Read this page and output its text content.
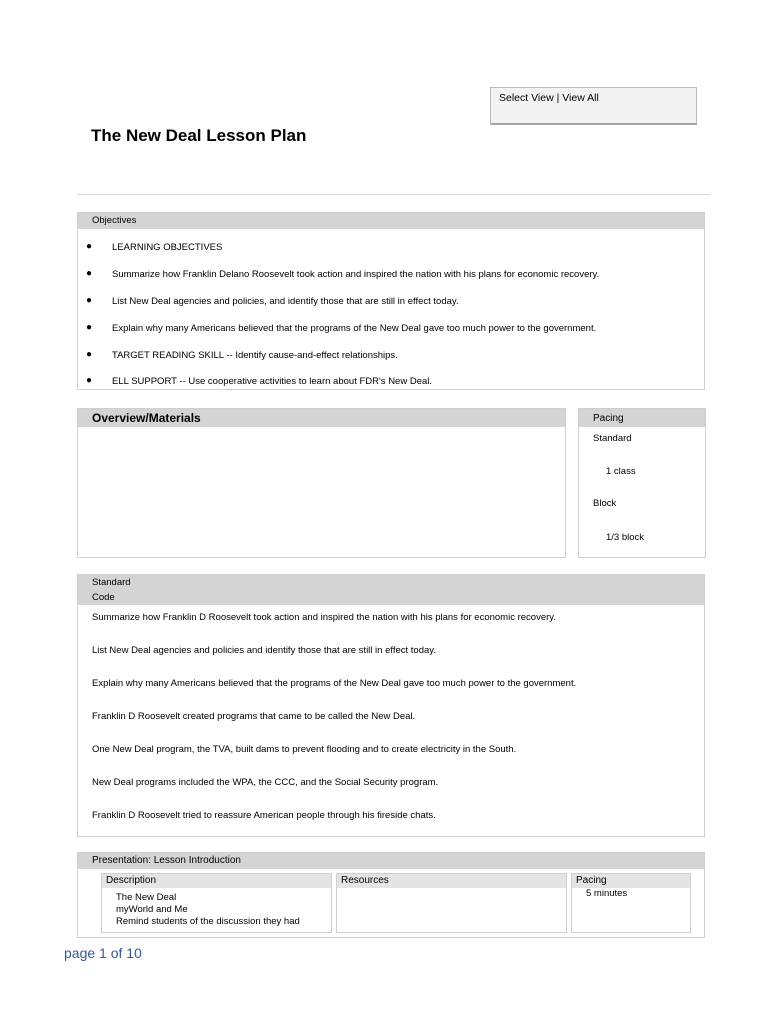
Select View | View All
The New Deal Lesson Plan
Objectives
● LEARNING OBJECTIVES
● Summarize how Franklin Delano Roosevelt took action and inspired the nation with his plans for economic recovery.
● List New Deal agencies and policies, and identify those that are still in effect today.
● Explain why many Americans believed that the programs of the New Deal gave too much power to the government.
● TARGET READING SKILL -- Identify cause-and-effect relationships.
● ELL SUPPORT -- Use cooperative activities to learn about FDR's New Deal.
Overview/Materials	Pacing
Standard
1 class
Block
1/3 block
Standard
Code
Summarize how Franklin D Roosevelt took action and inspired the nation with his plans for economic recovery.
List New Deal agencies and policies and identify those that are still in effect today.
Explain why many Americans believed that the programs of the New Deal gave too much power to the government.
Franklin D Roosevelt created programs that came to be called the New Deal.
One New Deal program, the TVA, built dams to prevent flooding and to create electricity in the South.
New Deal programs included the WPA, the CCC, and the Social Security program.
Franklin D Roosevelt tried to reassure American people through his fireside chats.
Presentation: Lesson Introduction
Description
The New Deal
myWorld and Me
Remind students of the discussion they had
Resources	Pacing
5 minutes
page 1 of 10
